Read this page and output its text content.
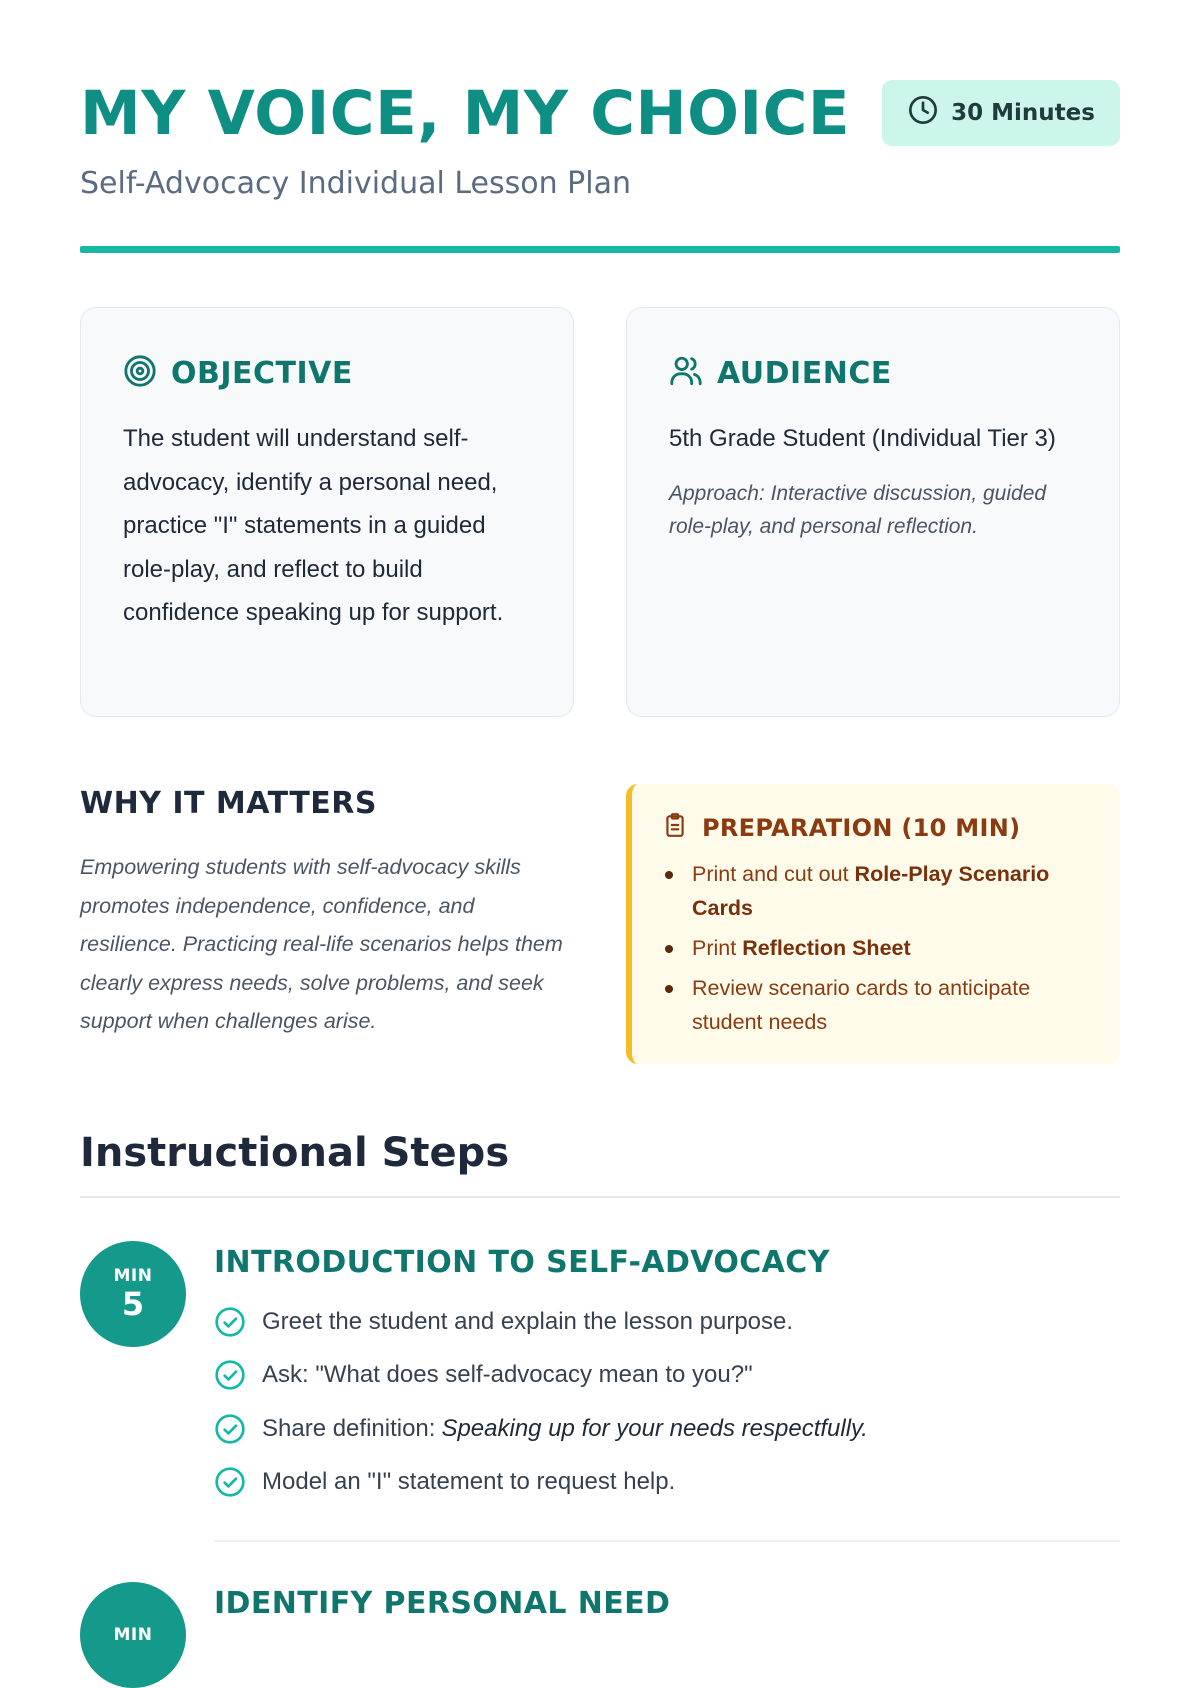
MY VOICE, MY CHOICE
Self-Advocacy Individual Lesson Plan
30 Minutes
OBJECTIVE

The student will understand self-advocacy, identify a personal need, practice "I" statements in a guided role-play, and reflect to build confidence speaking up for support.

AUDIENCE

5th Grade Student (Individual Tier 3)

Approach: Interactive discussion, guided role-play, and personal reflection.

WHY IT MATTERS

Empowering students with self-advocacy skills promotes independence, confidence, and resilience. Practicing real-life scenarios helps them clearly express needs, solve problems, and seek support when challenges arise.

PREPARATION (10 MIN)
Print and cut out Role-Play Scenario Cards
Print Reflection Sheet
Review scenario cards to anticipate student needs
Instructional Steps
MIN
5
INTRODUCTION TO SELF-ADVOCACY
Greet the student and explain the lesson purpose.
Ask: "What does self-advocacy mean to you?"
Share definition: Speaking up for your needs respectfully.
Model an "I" statement to request help.
MIN
IDENTIFY PERSONAL NEED
